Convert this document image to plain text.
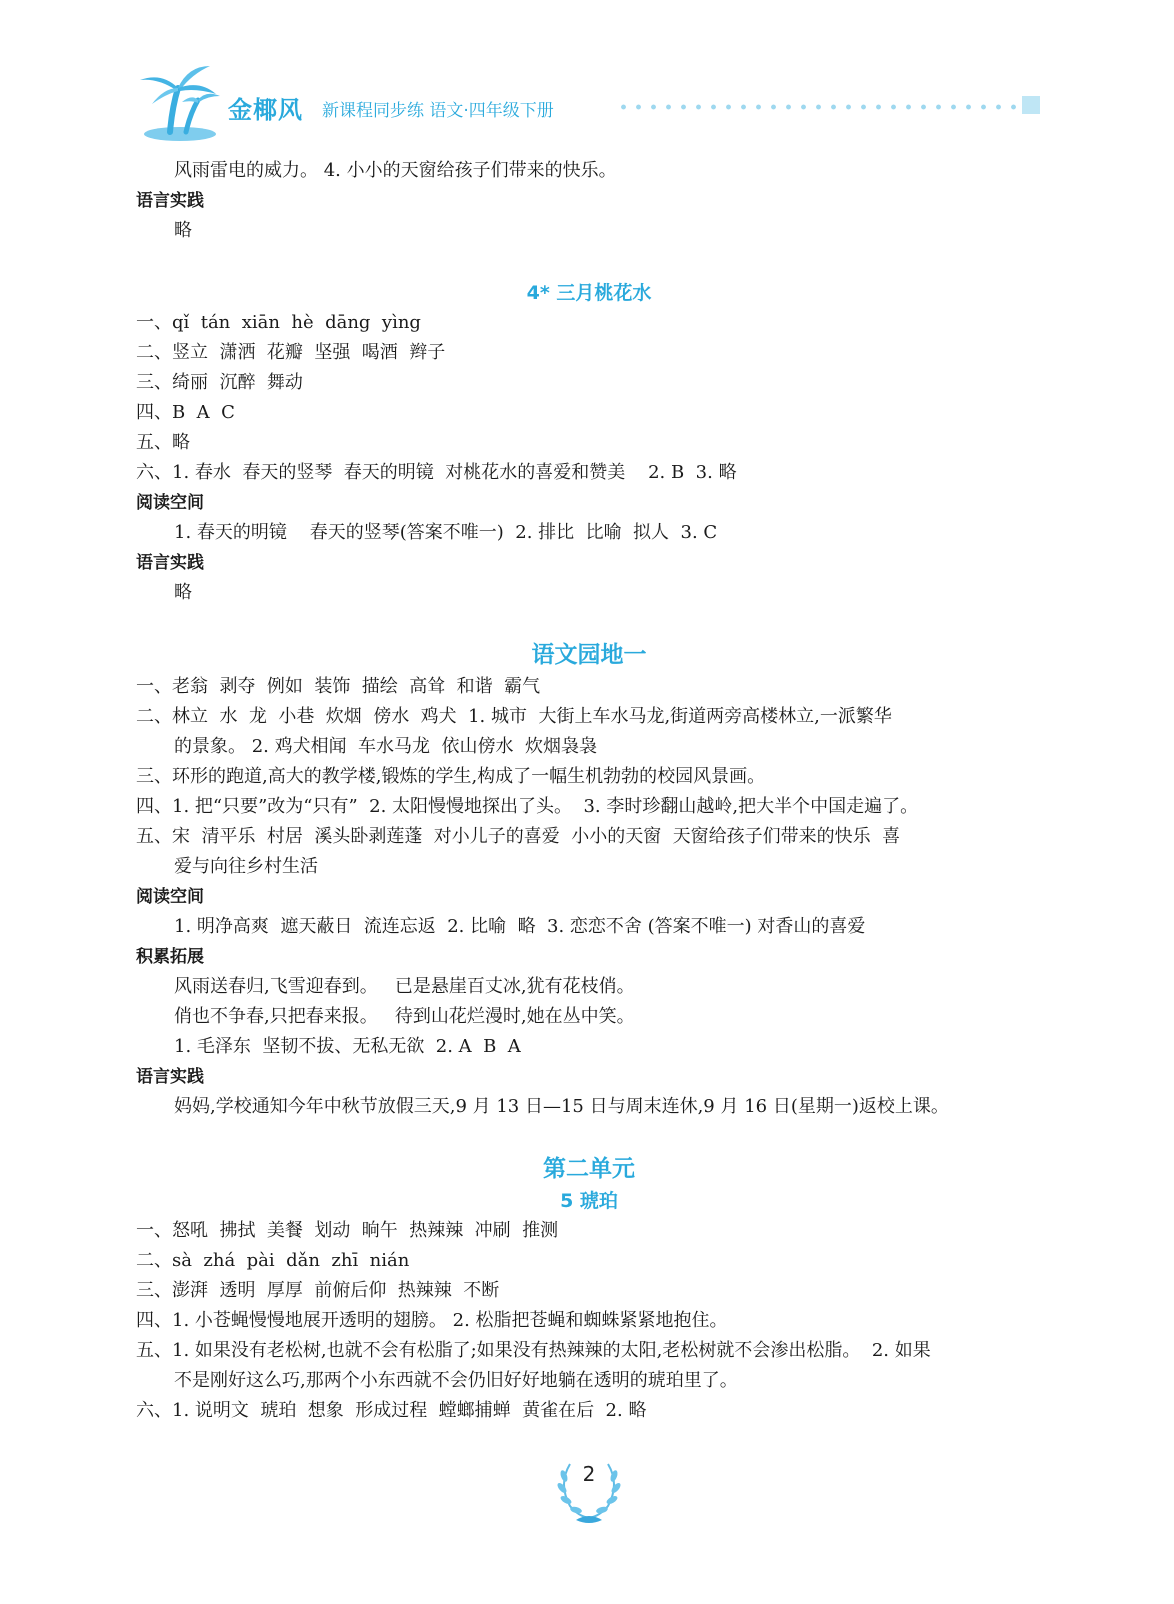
金椰风 新课程同步练 语文·四年级下册
风雨雷电的威力。 4. 小小的天窗给孩子们带来的快乐。
语言实践
略
4* 三月桃花水
一、qǐ  tán  xiān  hè  dāng  yìng
二、竖立  潇洒  花瓣  坚强  喝酒  辫子
三、绮丽  沉醉  舞动
四、B  A  C
五、略
六、1. 春水  春天的竖琴  春天的明镜  对桃花水的喜爱和赞美    2. B  3. 略
阅读空间
1. 春天的明镜    春天的竖琴(答案不唯一)  2. 排比  比喻  拟人  3. C
语言实践
略
语文园地一
一、老翁  剥夺  例如  装饰  描绘  高耸  和谐  霸气
二、林立  水  龙  小巷  炊烟  傍水  鸡犬  1. 城市  大街上车水马龙,街道两旁高楼林立,一派繁华
的景象。 2. 鸡犬相闻  车水马龙  依山傍水  炊烟袅袅
三、环形的跑道,高大的教学楼,锻炼的学生,构成了一幅生机勃勃的校园风景画。
四、1. 把“只要”改为“只有”  2. 太阳慢慢地探出了头。  3. 李时珍翻山越岭,把大半个中国走遍了。
五、宋  清平乐  村居  溪头卧剥莲蓬  对小儿子的喜爱  小小的天窗  天窗给孩子们带来的快乐  喜
爱与向往乡村生活
阅读空间
1. 明净高爽  遮天蔽日  流连忘返  2. 比喻  略  3. 恋恋不舍 (答案不唯一) 对香山的喜爱
积累拓展
风雨送春归,飞雪迎春到。   已是悬崖百丈冰,犹有花枝俏。
俏也不争春,只把春来报。   待到山花烂漫时,她在丛中笑。
1. 毛泽东  坚韧不拔、无私无欲  2. A  B  A
语言实践
妈妈,学校通知今年中秋节放假三天,9 月 13 日—15 日与周末连休,9 月 16 日(星期一)返校上课。
第二单元
5 琥珀
一、怒吼  拂拭  美餐  划动  晌午  热辣辣  冲刷  推测
二、sà  zhá  pài  dǎn  zhī  nián
三、澎湃  透明  厚厚  前俯后仰  热辣辣  不断
四、1. 小苍蝇慢慢地展开透明的翅膀。 2. 松脂把苍蝇和蜘蛛紧紧地抱住。
五、1. 如果没有老松树,也就不会有松脂了;如果没有热辣辣的太阳,老松树就不会渗出松脂。  2. 如果
不是刚好这么巧,那两个小东西就不会仍旧好好地躺在透明的琥珀里了。
六、1. 说明文  琥珀  想象  形成过程  螳螂捕蝉  黄雀在后  2. 略
2
